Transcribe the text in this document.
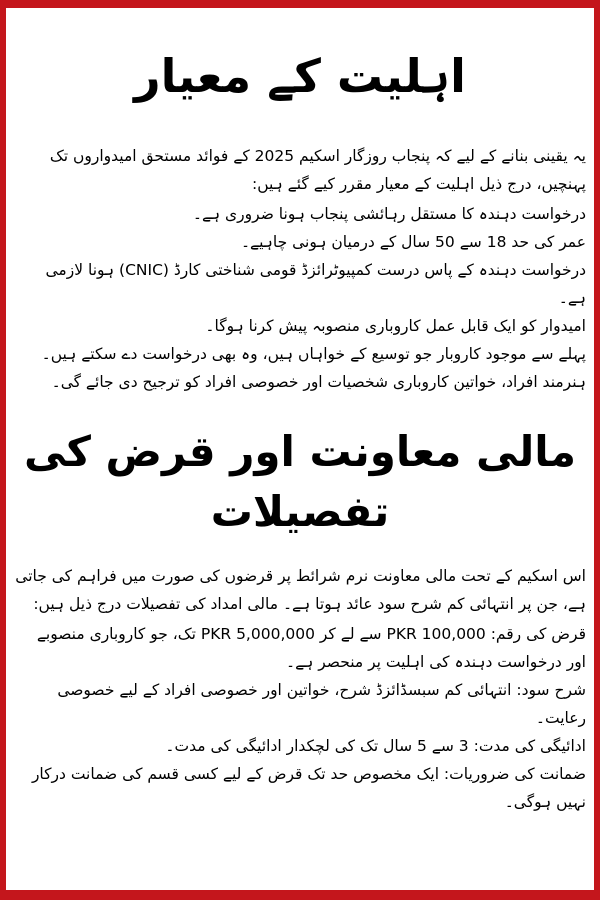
اہلیت کے معیار

یہ یقینی بنانے کے لیے کہ پنجاب روزگار اسکیم 2025 کے فوائد مستحق امیدواروں تک پہنچیں، درج ذیل اہلیت کے معیار مقرر کیے گئے ہیں:

درخواست دہندہ کا مستقل رہائشی پنجاب ہونا ضروری ہے۔

عمر کی حد 18 سے 50 سال کے درمیان ہونی چاہیے۔

درخواست دہندہ کے پاس درست کمپیوٹرائزڈ قومی شناختی کارڈ (CNIC) ہونا لازمی ہے۔

امیدوار کو ایک قابل عمل کاروباری منصوبہ پیش کرنا ہوگا۔

پہلے سے موجود کاروبار جو توسیع کے خواہاں ہیں، وہ بھی درخواست دے سکتے ہیں۔

ہنرمند افراد، خواتین کاروباری شخصیات اور خصوصی افراد کو ترجیح دی جائے گی۔

مالی معاونت اور قرض کی تفصیلات

اس اسکیم کے تحت مالی معاونت نرم شرائط پر قرضوں کی صورت میں فراہم کی جاتی ہے، جن پر انتہائی کم شرح سود عائد ہوتا ہے۔ مالی امداد کی تفصیلات درج ذیل ہیں:

قرض کی رقم: PKR 100,000 سے لے کر PKR 5,000,000 تک، جو کاروباری منصوبے اور درخواست دہندہ کی اہلیت پر منحصر ہے۔

شرح سود: انتہائی کم سبسڈائزڈ شرح، خواتین اور خصوصی افراد کے لیے خصوصی رعایت۔

ادائیگی کی مدت: 3 سے 5 سال تک کی لچکدار ادائیگی کی مدت۔

ضمانت کی ضروریات: ایک مخصوص حد تک قرض کے لیے کسی قسم کی ضمانت درکار نہیں ہوگی۔
